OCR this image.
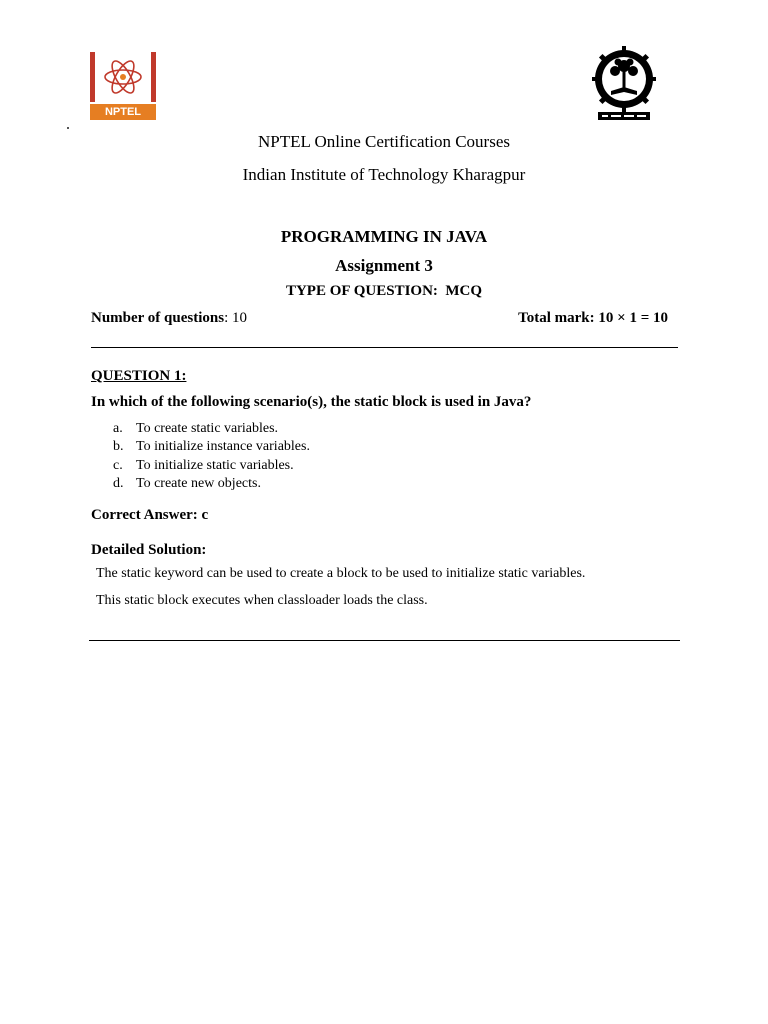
NPTEL
NPTEL Online Certification Courses
Indian Institute of Technology Kharagpur
PROGRAMMING IN JAVA
Assignment 3
TYPE OF QUESTION:  MCQ
Number of questions: 10	Total mark: 10 × 1 = 10
QUESTION 1:
In which of the following scenario(s), the static block is used in Java?
a. To create static variables.
b. To initialize instance variables.
c. To initialize static variables.
d. To create new objects.
Correct Answer: c
Detailed Solution:
The static keyword can be used to create a block to be used to initialize static variables.
This static block executes when classloader loads the class.
